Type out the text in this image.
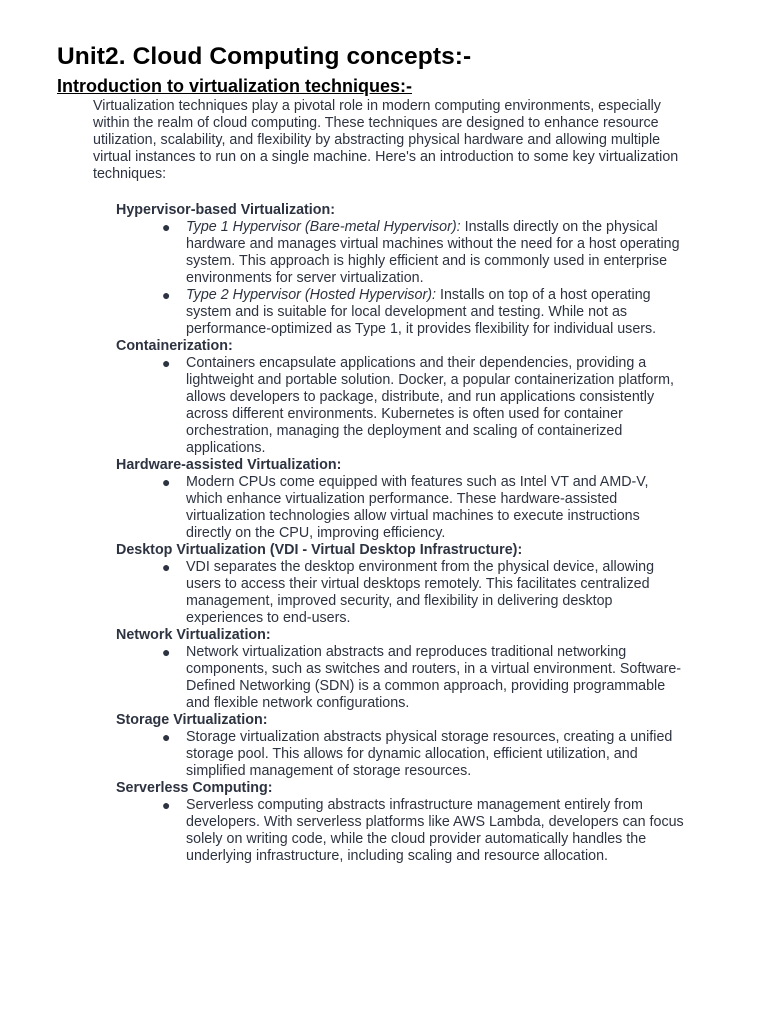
Unit2. Cloud Computing concepts:-
Introduction to virtualization techniques:-

Virtualization techniques play a pivotal role in modern computing environments, especially within the realm of cloud computing. These techniques are designed to enhance resource utilization, scalability, and flexibility by abstracting physical hardware and allowing multiple virtual instances to run on a single machine. Here's an introduction to some key virtualization techniques:

Hypervisor-based Virtualization:
● Type 1 Hypervisor (Bare-metal Hypervisor): Installs directly on the physical hardware and manages virtual machines without the need for a host operating system. This approach is highly efficient and is commonly used in enterprise environments for server virtualization.
● Type 2 Hypervisor (Hosted Hypervisor): Installs on top of a host operating system and is suitable for local development and testing. While not as performance-optimized as Type 1, it provides flexibility for individual users.
Containerization:
● Containers encapsulate applications and their dependencies, providing a lightweight and portable solution. Docker, a popular containerization platform, allows developers to package, distribute, and run applications consistently across different environments. Kubernetes is often used for container orchestration, managing the deployment and scaling of containerized applications.
Hardware-assisted Virtualization:
● Modern CPUs come equipped with features such as Intel VT and AMD-V, which enhance virtualization performance. These hardware-assisted virtualization technologies allow virtual machines to execute instructions directly on the CPU, improving efficiency.
Desktop Virtualization (VDI - Virtual Desktop Infrastructure):
● VDI separates the desktop environment from the physical device, allowing users to access their virtual desktops remotely. This facilitates centralized management, improved security, and flexibility in delivering desktop experiences to end-users.
Network Virtualization:
● Network virtualization abstracts and reproduces traditional networking components, such as switches and routers, in a virtual environment. Software-Defined Networking (SDN) is a common approach, providing programmable and flexible network configurations.
Storage Virtualization:
● Storage virtualization abstracts physical storage resources, creating a unified storage pool. This allows for dynamic allocation, efficient utilization, and simplified management of storage resources.
Serverless Computing:
● Serverless computing abstracts infrastructure management entirely from developers. With serverless platforms like AWS Lambda, developers can focus solely on writing code, while the cloud provider automatically handles the underlying infrastructure, including scaling and resource allocation.
